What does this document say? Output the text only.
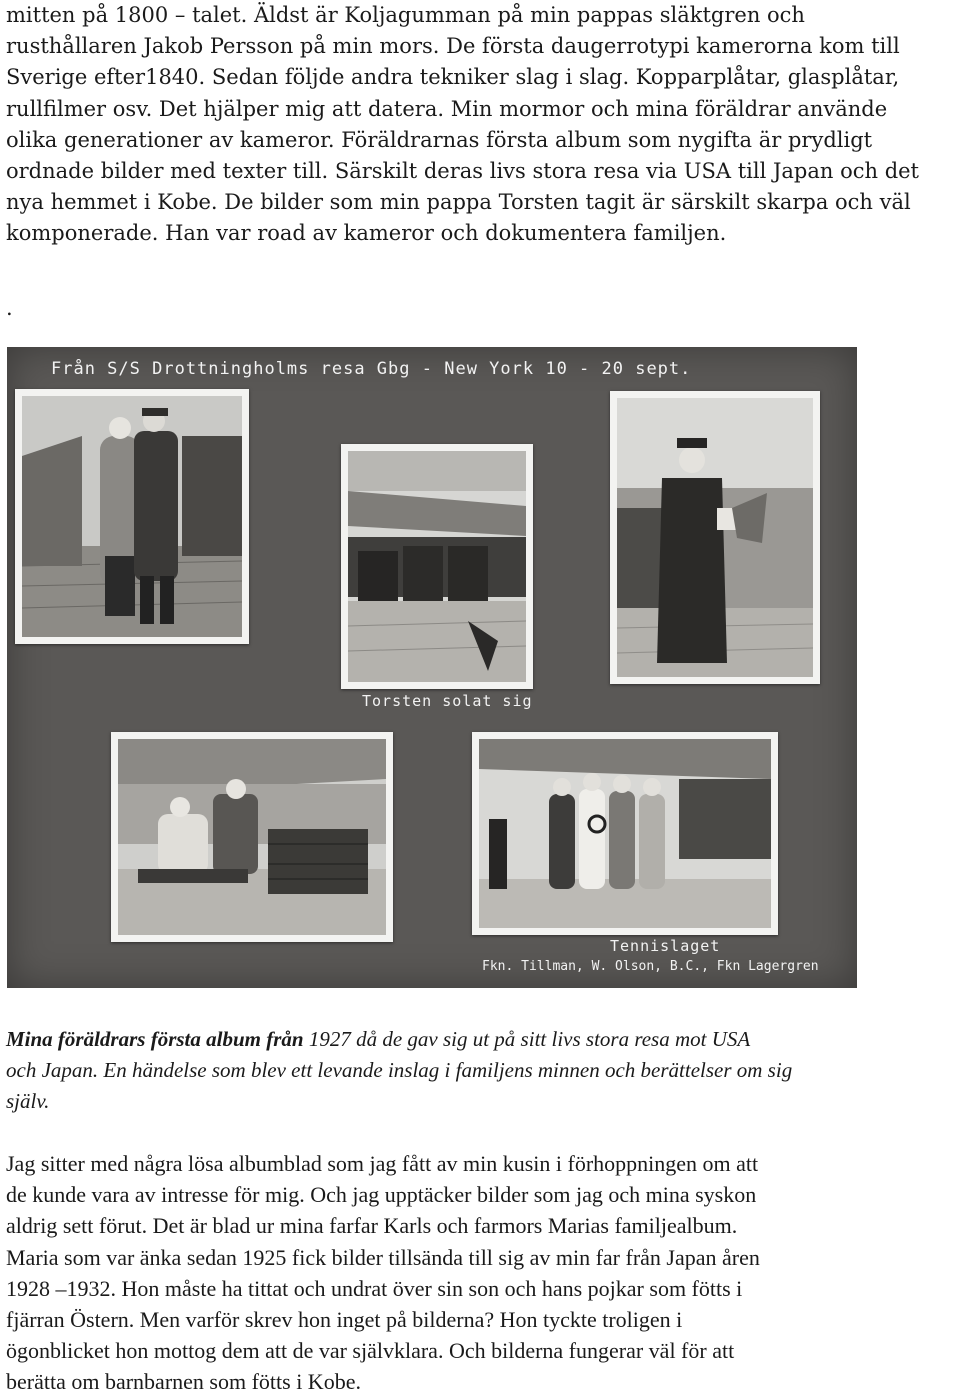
mitten på 1800 – talet. Äldst är Koljagumman på min pappas släktgren och
rusthållaren Jakob Persson på min mors. De första daugerrotypi kamerorna kom till
Sverige efter1840. Sedan följde andra tekniker slag i slag. Kopparplåtar, glasplåtar,
rullfilmer osv. Det hjälper mig att datera. Min mormor och mina föräldrar använde
olika generationer av kameror. Föräldrarnas första album som nygifta är prydligt
ordnade bilder med texter till. Särskilt deras livs stora resa via USA till Japan och det
nya hemmet i Kobe. De bilder som min pappa Torsten tagit är särskilt skarpa och väl
komponerade. Han var road av kameror och dokumentera familjen.
.
Från S/S Drottningholms resa Gbg - New York 10 - 20 sept.
Torsten solat sig
Tennislaget
Fkn. Tillman, W. Olson, B.C., Fkn Lagergren
Mina föräldrars första album från 1927 då de gav sig ut på sitt livs stora resa mot USA
och Japan. En händelse som blev ett levande inslag i familjens minnen och berättelser om sig
själv.
Jag sitter med några lösa albumblad som jag fått av min kusin i förhoppningen om att
de kunde vara av intresse för mig. Och jag upptäcker bilder som jag och mina syskon
aldrig sett förut. Det är blad ur mina farfar Karls och farmors Marias familjealbum.
Maria som var änka sedan 1925 fick bilder tillsända till sig av min far från Japan åren
1928 –1932. Hon måste ha tittat och undrat över sin son och hans pojkar som fötts i
fjärran Östern. Men varför skrev hon inget på bilderna? Hon tyckte troligen i
ögonblicket hon mottog dem att de var självklara. Och bilderna fungerar väl för att
berätta om barnbarnen som fötts i Kobe.
